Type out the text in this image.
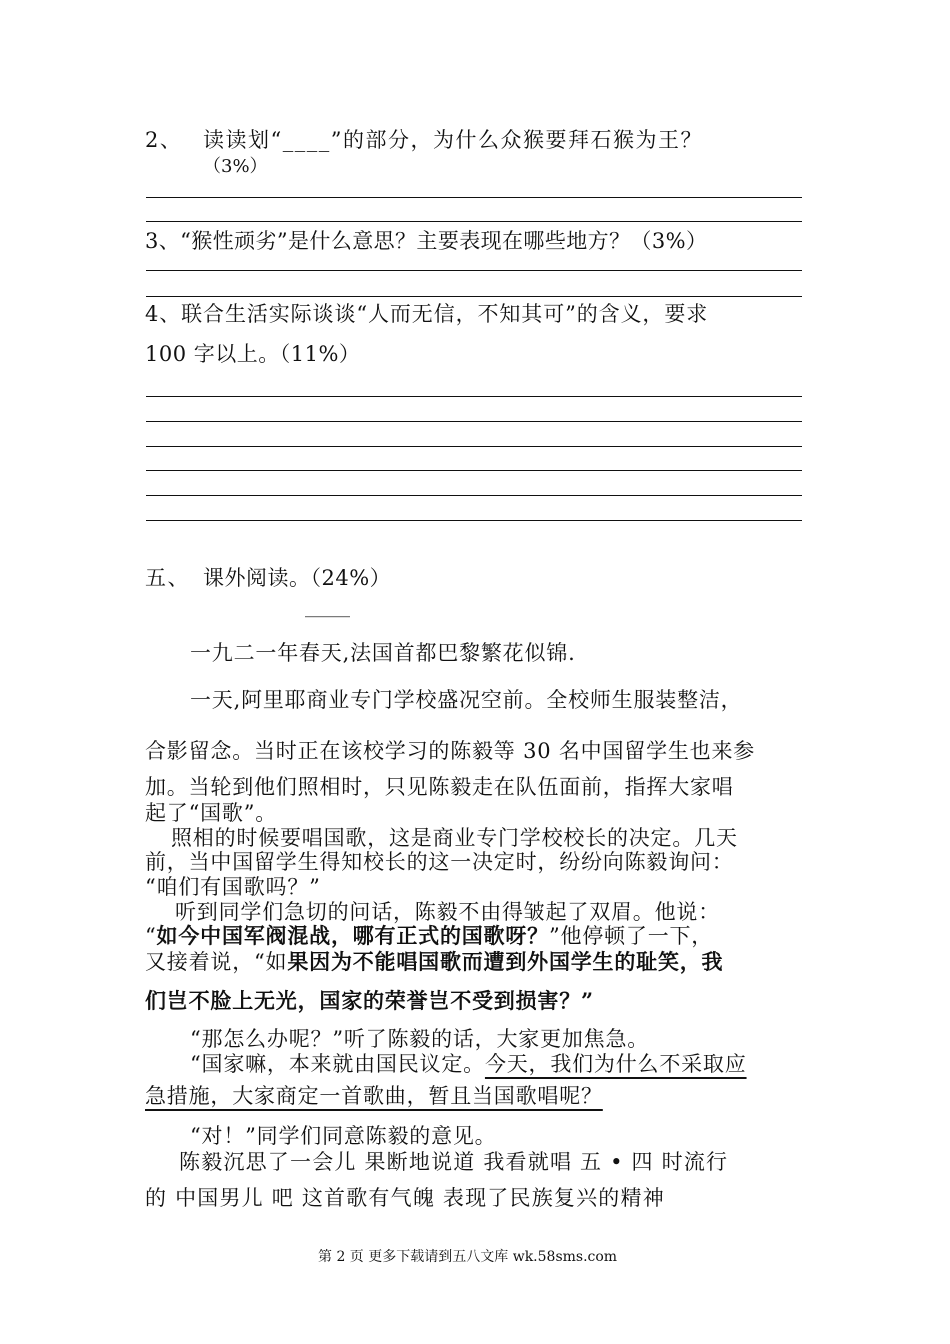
2、 读读划“____”的部分，为什么众猴要拜石猴为王？
（3%）
3、“猴性顽劣”是什么意思？主要表现在哪些地方？（3%）
4、联合生活实际谈谈“人而无信，不知其可”的含义，要求
100 字以上。（11%）
五、 课外阅读。（24%）
_____
一九二一年春天,法国首都巴黎繁花似锦.
一天,阿里耶商业专门学校盛况空前。全校师生服装整洁，
合影留念。当时正在该校学习的陈毅等 30 名中国留学生也来参
加。当轮到他们照相时，只见陈毅走在队伍面前，指挥大家唱
起了“国歌”。
照相的时候要唱国歌，这是商业专门学校校长的决定。几天
前，当中国留学生得知校长的这一决定时，纷纷向陈毅询问：
“咱们有国歌吗？”
听到同学们急切的问话，陈毅不由得皱起了双眉。他说：
“如今中国军阀混战，哪有正式的国歌呀？”他停顿了一下，
又接着说，“如果因为不能唱国歌而遭到外国学生的耻笑，我
们岂不脸上无光，国家的荣誉岂不受到损害？”
“那怎么办呢？”听了陈毅的话，大家更加焦急。
“国家嘛，本来就由国民议定。今天，我们为什么不采取应
急措施，大家商定一首歌曲，暂且当国歌唱呢？
“对！”同学们同意陈毅的意见。
陈毅沉思了一会儿 果断地说道 我看就唱 五 • 四 时流行
的 中国男儿 吧 这首歌有气魄 表现了民族复兴的精神
第 2 页 更多下载请到五八文库 wk.58sms.com
